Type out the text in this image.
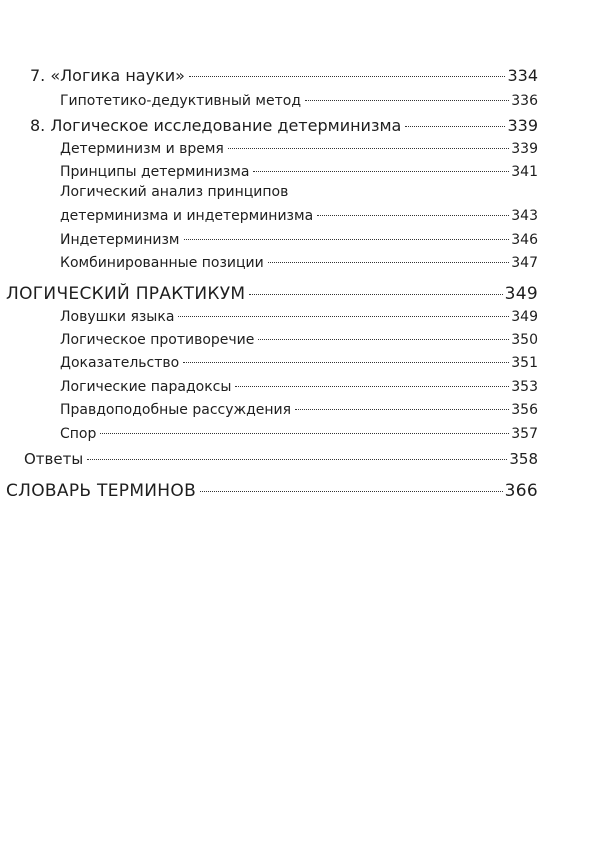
7. «Логика науки»	334
Гипотетико-дедуктивный метод	336
8. Логическое исследование детерминизма	339
Детерминизм и время	339
Принципы детерминизма	341
Логический анализ принципов
детерминизма и индетерминизма	343
Индетерминизм	346
Комбинированные позиции	347
ЛОГИЧЕСКИЙ ПРАКТИКУМ	349
Ловушки языка	349
Логическое противоречие	350
Доказательство	351
Логические парадоксы	353
Правдоподобные рассуждения	356
Спор	357
Ответы	358
СЛОВАРЬ ТЕРМИНОВ	366
